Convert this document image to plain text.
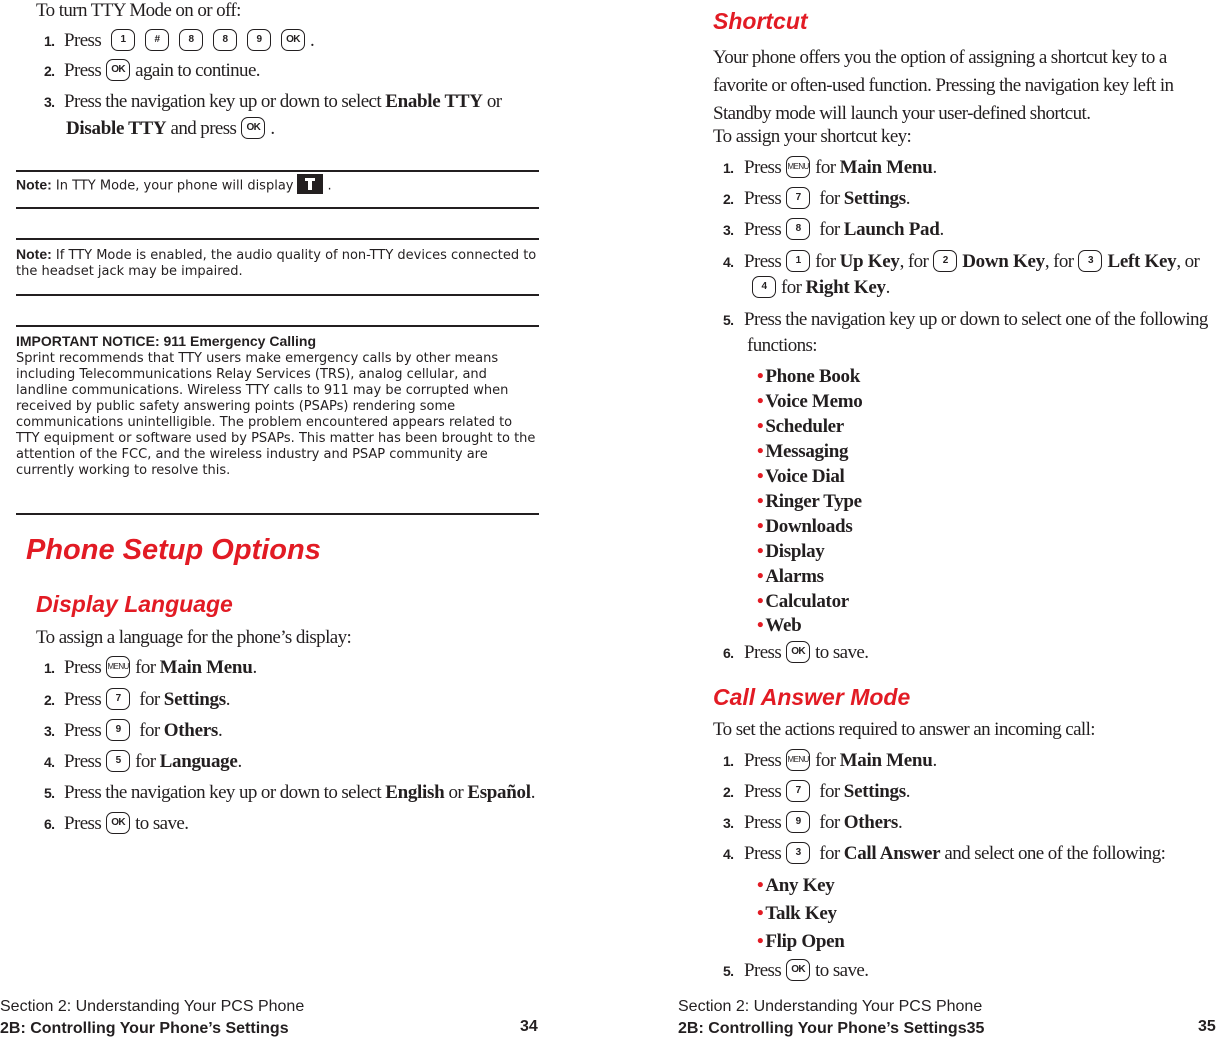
To turn TTY Mode on or off:
1. Press	1	#	8	8	9 OK .
2. Press OK again to continue.
3. Press the navigation key up or down to select Enable TTY or
Disable TTY and press OK .
Note: In TTY Mode, your phone will display	.
Note: If TTY Mode is enabled, the audio quality of non-TTY devices connected to the headset jack may be impaired.
IMPORTANT NOTICE: 911 Emergency Calling
Sprint recommends that TTY users make emergency calls by other means including Telecommunications Relay Services (TRS), analog cellular, and landline communications. Wireless TTY calls to 911 may be corrupted when received by public safety answering points (PSAPs) rendering some communications unintelligible. The problem encountered appears related to TTY equipment or software used by PSAPs. This matter has been brought to the attention of the FCC, and the wireless industry and PSAP community are currently working to resolve this.
Phone Setup Options
Display Language
To assign a language for the phone’s display:
1. Press MENU for Main Menu.
2. Press 7 for Settings.
3. Press 9 for Others.
4. Press 5 for Language.
5. Press the navigation key up or down to select English or Español.
6. Press OK to save.
Section 2: Understanding Your PCS Phone
2B: Controlling Your Phone’s Settings	34
Shortcut
Your phone offers you the option of assigning a shortcut key to a favorite or often-used function. Pressing the navigation key left in Standby mode will launch your user-defined shortcut.
To assign your shortcut key:
1. Press MENU for Main Menu.
2. Press 7 for Settings.
3. Press 8 for Launch Pad.
4. Press 1 for Up Key, for 2 Down Key, for 3 Left Key, or
4 for Right Key.
5. Press the navigation key up or down to select one of the following
functions:
• Phone Book
• Voice Memo
• Scheduler
• Messaging
• Voice Dial
• Ringer Type
• Downloads
• Display
• Alarms
• Calculator
• Web
6. Press OK to save.
Call Answer Mode
To set the actions required to answer an incoming call:
1. Press MENU for Main Menu.
2. Press 7 for Settings.
3. Press 9 for Others.
4. Press 3 for Call Answer and select one of the following:
• Any Key
• Talk Key
• Flip Open
5. Press OK to save.
Section 2: Understanding Your PCS Phone
2B: Controlling Your Phone’s Settings35	35
